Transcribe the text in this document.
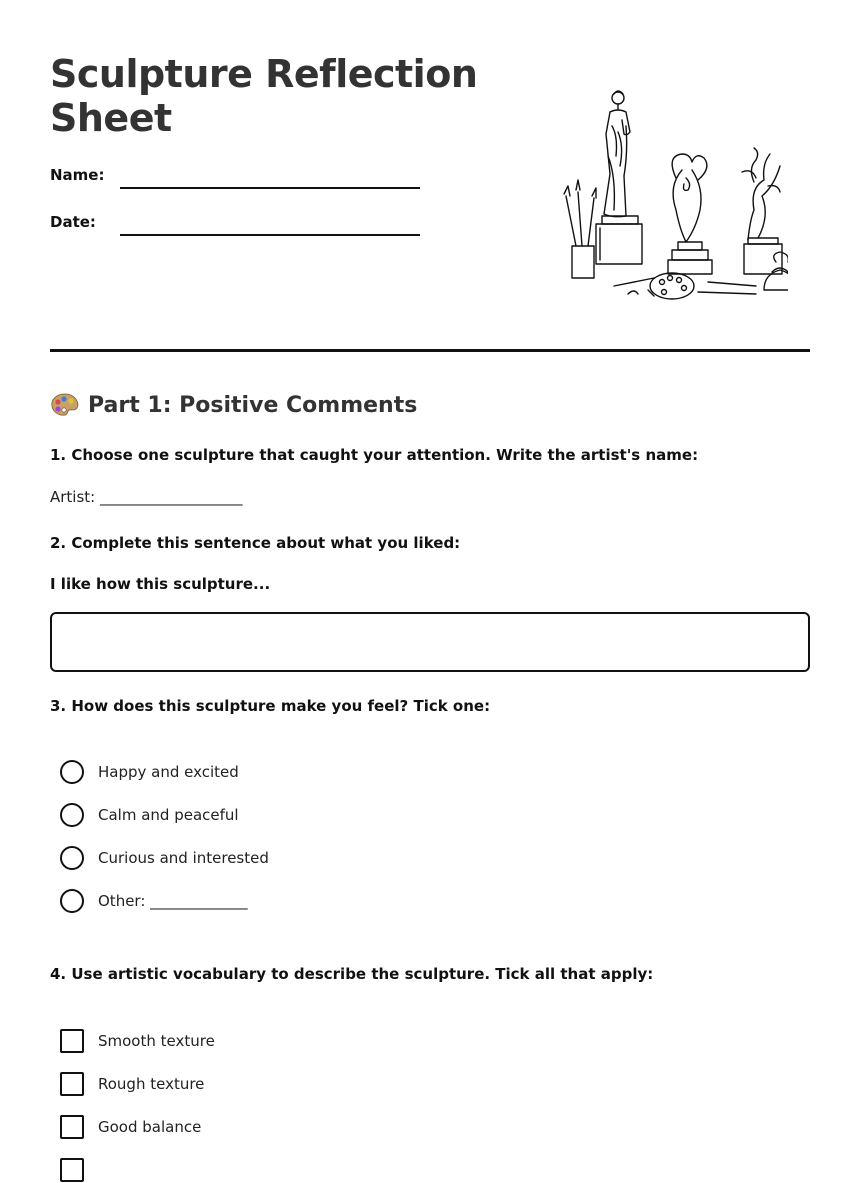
Sculpture Reflection Sheet
Name:
Date:
Part 1: Positive Comments
1. Choose one sculpture that caught your attention. Write the artist's name:
Artist: ___________________
2. Complete this sentence about what you liked:
I like how this sculpture...
3. How does this sculpture make you feel? Tick one:
Happy and excited
Calm and peaceful
Curious and interested
Other: _____________
4. Use artistic vocabulary to describe the sculpture. Tick all that apply:
Smooth texture
Rough texture
Good balance
